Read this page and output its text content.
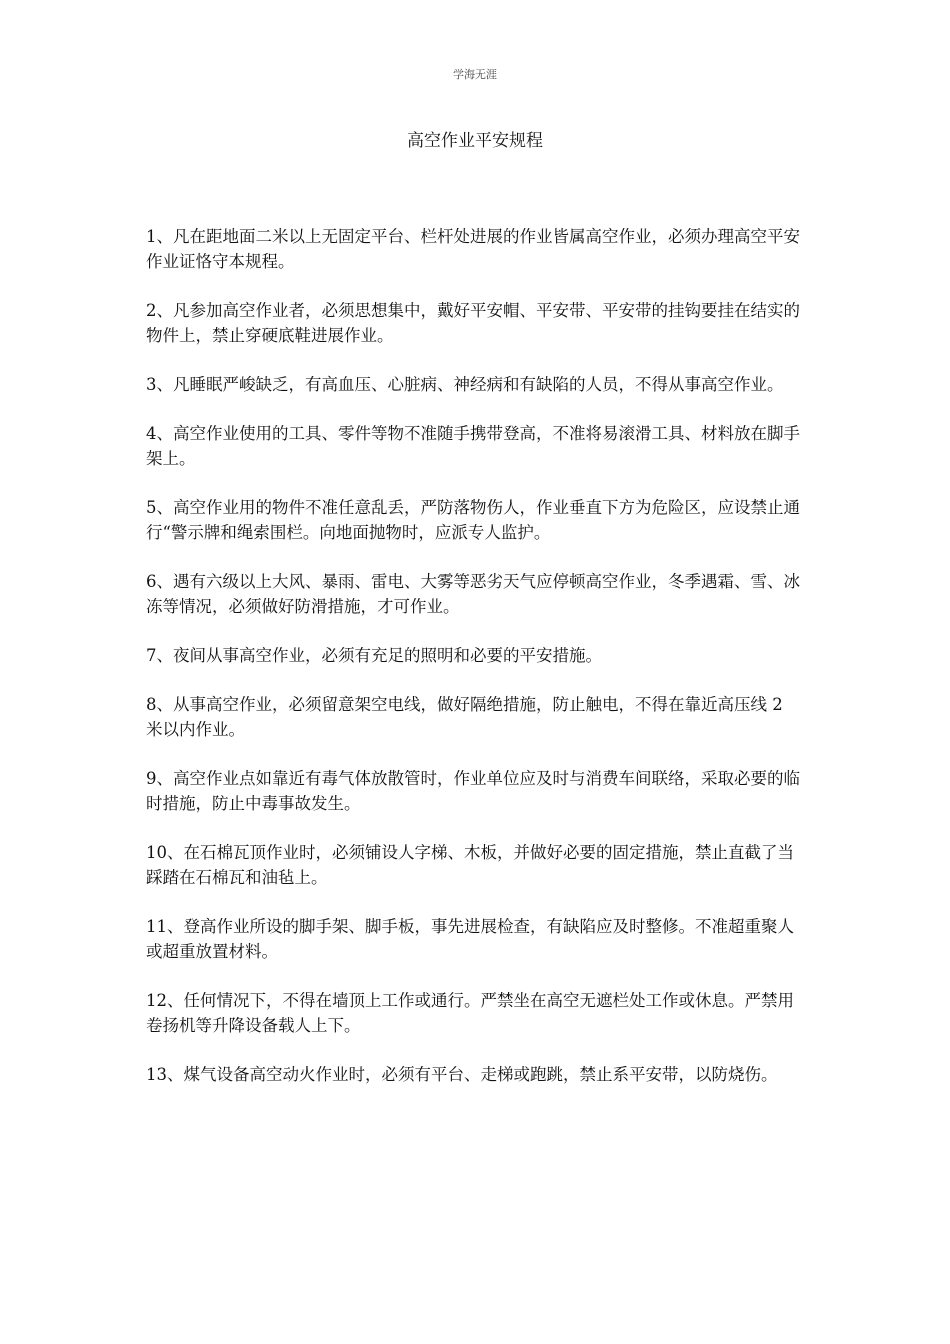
学海无涯
高空作业平安规程
1、凡在距地面二米以上无固定平台、栏杆处进展的作业皆属高空作业，必须办理高空平安作业证恪守本规程。
2、凡参加高空作业者，必须思想集中，戴好平安帽、平安带、平安带的挂钩要挂在结实的物件上，禁止穿硬底鞋进展作业。
3、凡睡眠严峻缺乏，有高血压、心脏病、神经病和有缺陷的人员，不得从事高空作业。
4、高空作业使用的工具、零件等物不准随手携带登高，不准将易滚滑工具、材料放在脚手架上。
5、高空作业用的物件不准任意乱丢，严防落物伤人，作业垂直下方为危险区，应设禁止通行“警示牌和绳索围栏。向地面抛物时，应派专人监护。
6、遇有六级以上大风、暴雨、雷电、大雾等恶劣天气应停顿高空作业，冬季遇霜、雪、冰冻等情况，必须做好防滑措施，才可作业。
7、夜间从事高空作业，必须有充足的照明和必要的平安措施。
8、从事高空作业，必须留意架空电线，做好隔绝措施，防止触电，不得在靠近高压线 2 米以内作业。
9、高空作业点如靠近有毒气体放散管时，作业单位应及时与消费车间联络，采取必要的临时措施，防止中毒事故发生。
10、在石棉瓦顶作业时，必须铺设人字梯、木板，并做好必要的固定措施，禁止直截了当踩踏在石棉瓦和油毡上。
11、登高作业所设的脚手架、脚手板，事先进展检查，有缺陷应及时整修。不准超重聚人或超重放置材料。
12、任何情况下，不得在墙顶上工作或通行。严禁坐在高空无遮栏处工作或休息。严禁用卷扬机等升降设备载人上下。
13、煤气设备高空动火作业时，必须有平台、走梯或跑跳，禁止系平安带，以防烧伤。
